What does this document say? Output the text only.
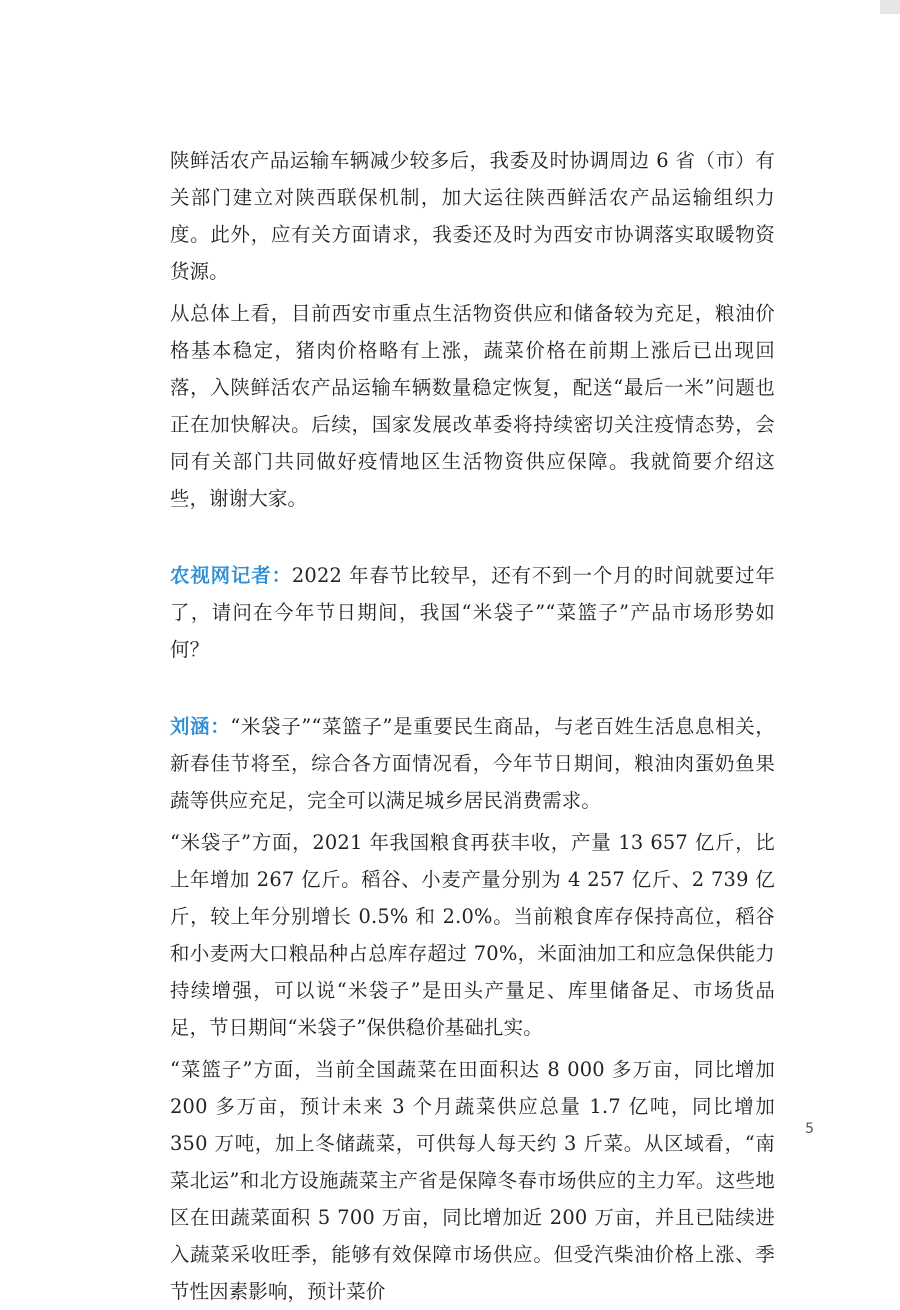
陕鲜活农产品运输车辆减少较多后，我委及时协调周边 6 省（市）有关部门建立对陕西联保机制，加大运往陕西鲜活农产品运输组织力度。此外，应有关方面请求，我委还及时为西安市协调落实取暖物资货源。

从总体上看，目前西安市重点生活物资供应和储备较为充足，粮油价格基本稳定，猪肉价格略有上涨，蔬菜价格在前期上涨后已出现回落，入陕鲜活农产品运输车辆数量稳定恢复，配送“最后一米”问题也正在加快解决。后续，国家发展改革委将持续密切关注疫情态势，会同有关部门共同做好疫情地区生活物资供应保障。我就简要介绍这些，谢谢大家。

农视网记者：2022 年春节比较早，还有不到一个月的时间就要过年了，请问在今年节日期间，我国“米袋子”“菜篮子”产品市场形势如何？

刘涵：“米袋子”“菜篮子”是重要民生商品，与老百姓生活息息相关，新春佳节将至，综合各方面情况看，今年节日期间，粮油肉蛋奶鱼果蔬等供应充足，完全可以满足城乡居民消费需求。

“米袋子”方面，2021 年我国粮食再获丰收，产量 13 657 亿斤，比上年增加 267 亿斤。稻谷、小麦产量分别为 4 257 亿斤、2 739 亿斤，较上年分别增长 0.5% 和 2.0%。当前粮食库存保持高位，稻谷和小麦两大口粮品种占总库存超过 70%，米面油加工和应急保供能力持续增强，可以说“米袋子”是田头产量足、库里储备足、市场货品足，节日期间“米袋子”保供稳价基础扎实。

“菜篮子”方面，当前全国蔬菜在田面积达 8 000 多万亩，同比增加 200 多万亩，预计未来 3 个月蔬菜供应总量 1.7 亿吨，同比增加 350 万吨，加上冬储蔬菜，可供每人每天约 3 斤菜。从区域看，“南菜北运”和北方设施蔬菜主产省是保障冬春市场供应的主力军。这些地区在田蔬菜面积 5 700 万亩，同比增加近 200 万亩，并且已陆续进入蔬菜采收旺季，能够有效保障市场供应。但受汽柴油价格上涨、季节性因素影响，预计菜价

5
